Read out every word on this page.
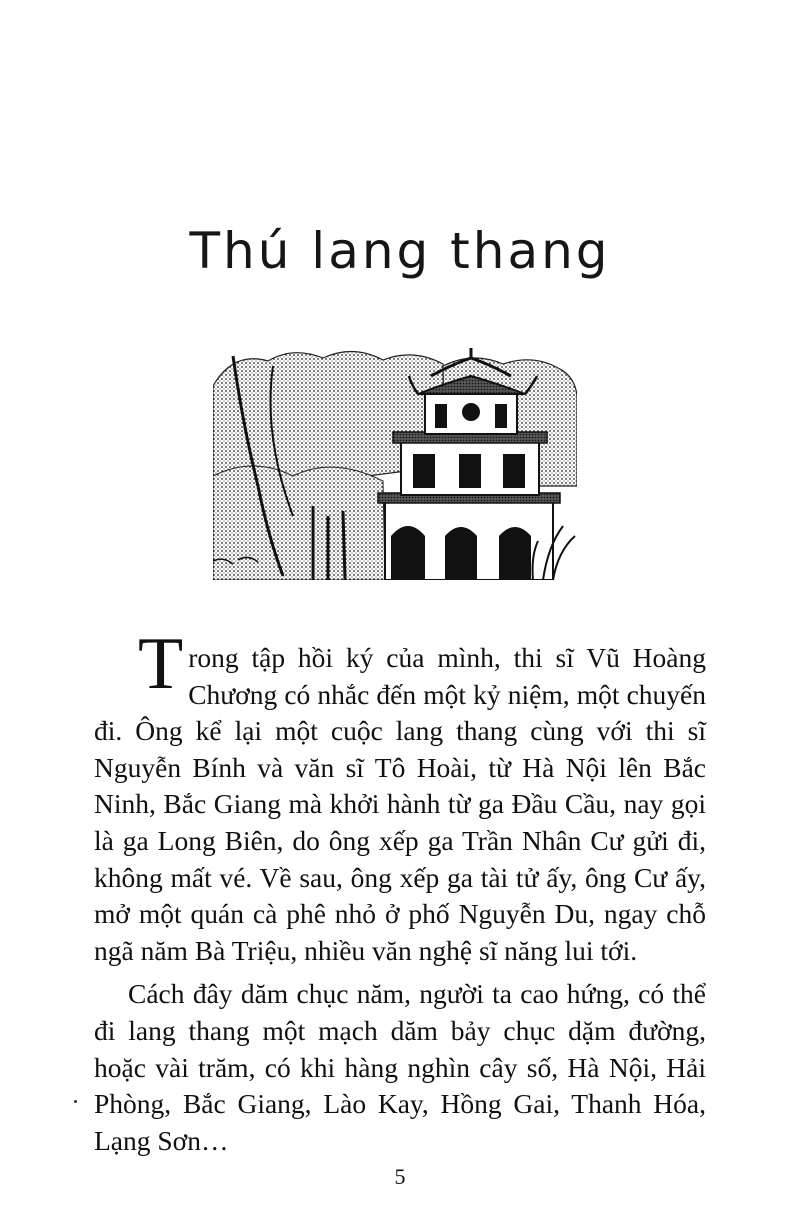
Thú lang thang

Trong tập hồi ký của mình, thi sĩ Vũ Hoàng Chương có nhắc đến một kỷ niệm, một chuyến đi. Ông kể lại một cuộc lang thang cùng với thi sĩ Nguyễn Bính và văn sĩ Tô Hoài, từ Hà Nội lên Bắc Ninh, Bắc Giang mà khởi hành từ ga Đầu Cầu, nay gọi là ga Long Biên, do ông xếp ga Trần Nhân Cư gửi đi, không mất vé. Về sau, ông xếp ga tài tử ấy, ông Cư ấy, mở một quán cà phê nhỏ ở phố Nguyễn Du, ngay chỗ ngã năm Bà Triệu, nhiều văn nghệ sĩ năng lui tới.

Cách đây dăm chục năm, người ta cao hứng, có thể đi lang thang một mạch dăm bảy chục dặm đường, hoặc vài trăm, có khi hàng nghìn cây số, Hà Nội, Hải Phòng, Bắc Giang, Lào Kay, Hồng Gai, Thanh Hóa, Lạng Sơn…

5
